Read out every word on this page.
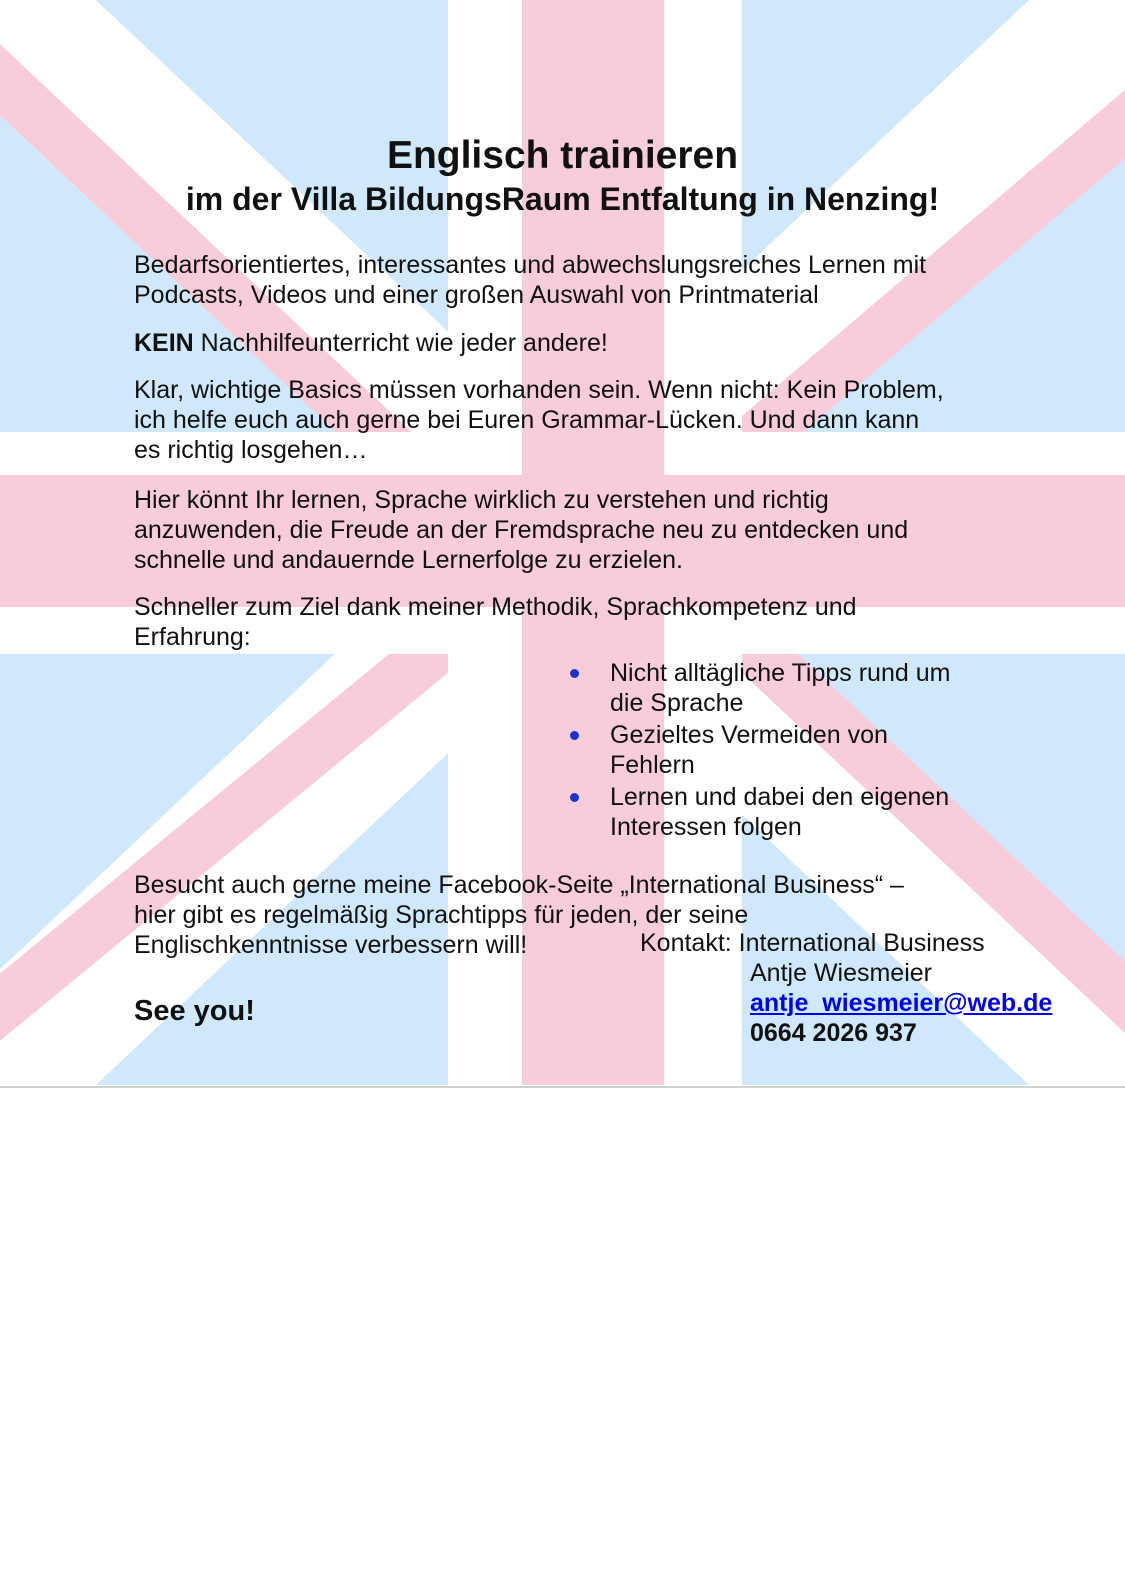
Englisch trainieren
im der Villa BildungsRaum Entfaltung in Nenzing!
Bedarfsorientiertes, interessantes und abwechslungsreiches Lernen mit
Podcasts, Videos und einer großen Auswahl von Printmaterial
KEIN Nachhilfeunterricht wie jeder andere!
Klar, wichtige Basics müssen vorhanden sein. Wenn nicht: Kein Problem,
ich helfe euch auch gerne bei Euren Grammar-Lücken. Und dann kann
es richtig losgehen…
Hier könnt Ihr lernen, Sprache wirklich zu verstehen und richtig
anzuwenden, die Freude an der Fremdsprache neu zu entdecken und
schnelle und andauernde Lernerfolge zu erzielen.
Schneller zum Ziel dank meiner Methodik, Sprachkompetenz und
Erfahrung:
Nicht alltägliche Tipps rund um
die Sprache
Gezieltes Vermeiden von
Fehlern
Lernen und dabei den eigenen
Interessen folgen
Besucht auch gerne meine Facebook-Seite „International Business“ –
hier gibt es regelmäßig Sprachtipps für jeden, der seine
Englischkenntnisse verbessern will!
See you!
Kontakt: International Business
Antje Wiesmeier
antje_wiesmeier@web.de
0664 2026 937
